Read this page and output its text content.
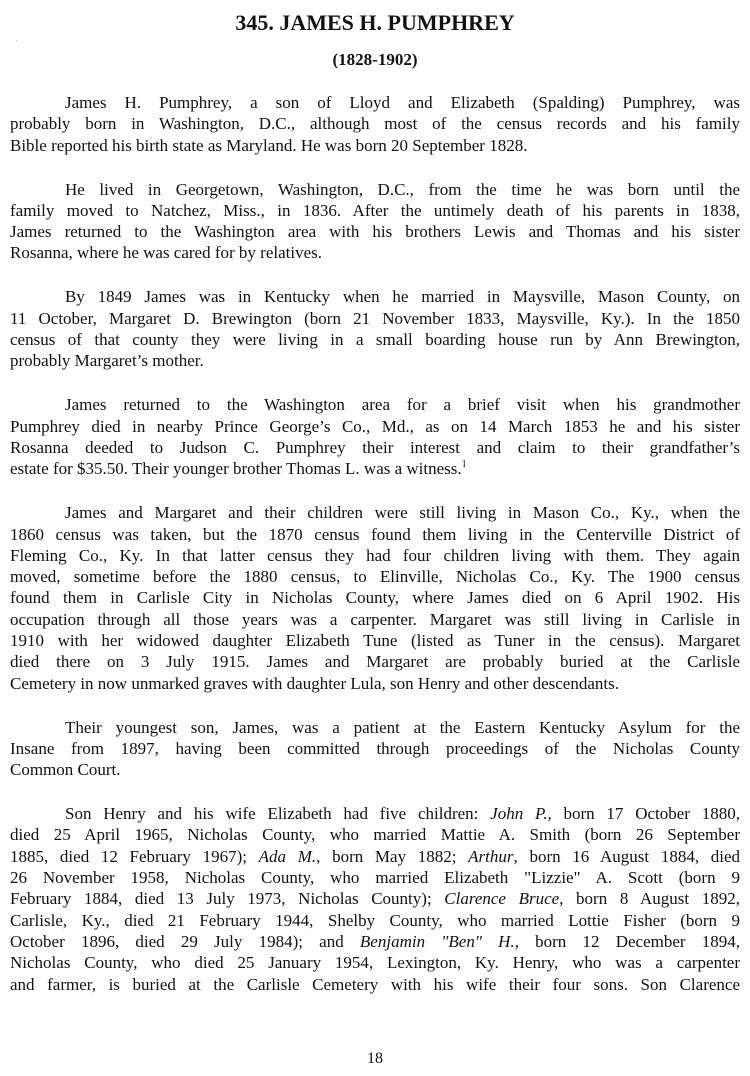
345. JAMES H. PUMPHREY
(1828-1902)
James H. Pumphrey, a son of Lloyd and Elizabeth (Spalding) Pumphrey, was
probably born in Washington, D.C., although most of the census records and his family
Bible reported his birth state as Maryland. He was born 20 September 1828.
He lived in Georgetown, Washington, D.C., from the time he was born until the
family moved to Natchez, Miss., in 1836. After the untimely death of his parents in 1838,
James returned to the Washington area with his brothers Lewis and Thomas and his sister
Rosanna, where he was cared for by relatives.
By 1849 James was in Kentucky when he married in Maysville, Mason County, on
11 October, Margaret D. Brewington (born 21 November 1833, Maysville, Ky.). In the 1850
census of that county they were living in a small boarding house run by Ann Brewington,
probably Margaret’s mother.
James returned to the Washington area for a brief visit when his grandmother
Pumphrey died in nearby Prince George’s Co., Md., as on 14 March 1853 he and his sister
Rosanna deeded to Judson C. Pumphrey their interest and claim to their grandfather’s
estate for $35.50. Their younger brother Thomas L. was a witness.$^1$
James and Margaret and their children were still living in Mason Co., Ky., when the
1860 census was taken, but the 1870 census found them living in the Centerville District of
Fleming Co., Ky. In that latter census they had four children living with them. They again
moved, sometime before the 1880 census, to Elinville, Nicholas Co., Ky. The 1900 census
found them in Carlisle City in Nicholas County, where James died on 6 April 1902. His
occupation through all those years was a carpenter. Margaret was still living in Carlisle in
1910 with her widowed daughter Elizabeth Tune (listed as Tuner in the census). Margaret
died there on 3 July 1915. James and Margaret are probably buried at the Carlisle
Cemetery in now unmarked graves with daughter Lula, son Henry and other descendants.
Their youngest son, James, was a patient at the Eastern Kentucky Asylum for the
Insane from 1897, having been committed through proceedings of the Nicholas County
Common Court.
Son Henry and his wife Elizabeth had five children: John P., born 17 October 1880,
died 25 April 1965, Nicholas County, who married Mattie A. Smith (born 26 September
1885, died 12 February 1967); Ada M., born May 1882; Arthur, born 16 August 1884, died
26 November 1958, Nicholas County, who married Elizabeth "Lizzie" A. Scott (born 9
February 1884, died 13 July 1973, Nicholas County); Clarence Bruce, born 8 August 1892,
Carlisle, Ky., died 21 February 1944, Shelby County, who married Lottie Fisher (born 9
October 1896, died 29 July 1984); and Benjamin "Ben" H., born 12 December 1894,
Nicholas County, who died 25 January 1954, Lexington, Ky. Henry, who was a carpenter
and farmer, is buried at the Carlisle Cemetery with his wife their four sons. Son Clarence
18
